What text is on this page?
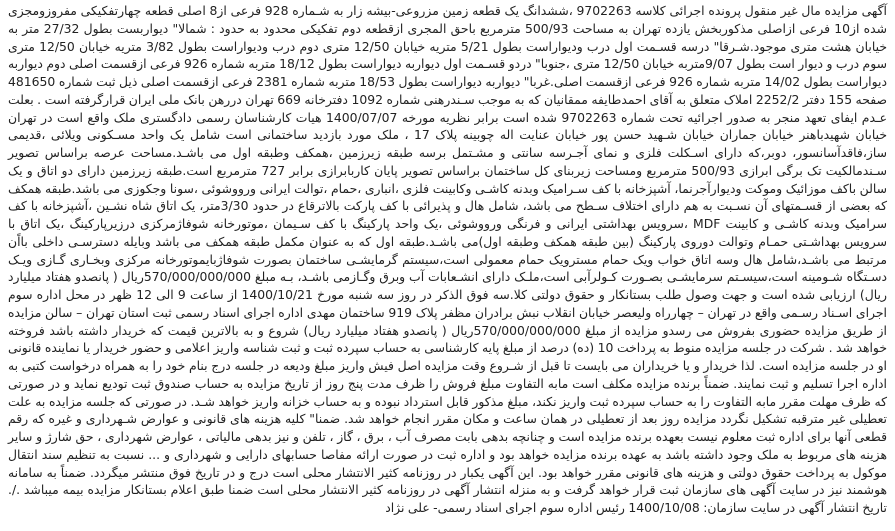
آگهی مزایده مال غیر منقول پرونده اجرائی کلاسه 9702263 ،ششدانگ یک قطعه زمین مزروعی-بیشه زار به شـماره 928 فرعی از8 اصلی قطعه چهارتفکیکی مفروزومجزی شده از10 فرعی ازاصلی مذکوربخش یازده تهران به مساحت 500/93 مترمربع باحق المجری ازقطعه دوم تفکیکی محدود به حدود : شمالا" دیواربست بطول 27/32 متر به خیابان هشت متری موجود.شـرقا" درسه قسـمت اول درب ودیواراست بطول 5/21 متریه خیابان 12/50 متری دوم درب ودیواراست بطول 3/82 متریه خیابان 12/50 متری سوم درب و دیوار است بطول 9/07متربه خیابان 12/50 متری ،جنوبا" دردو قسـمت اول دیواربه دیواراست بطول 18/12 متربه شماره 926 فرعی ازقسمت اصلی دوم دیواربه دیواراست بطول 14/02 متربه شماره 926 فرعی ازقسمت اصلی.غربا" دیواربه دیواراست بطول 18/53 متربه شماره 2381 فرعی ازقسمت اصلی ذیل ثبت شماره 481650 صفحه 155 دفتر 2252/2 املاک متعلق به آقای احمدطایفه ممقانیان که به موجب سـندرهنی شماره 1092 دفترخانه 669 تهران دررهن بانک ملی ایران قرارگرفته است . بعلت عـدم ایفای تعهد منجر به صدور اجرائیه تحت شماره 9702263 شده است برابر نظریه مورخه 1400/07/07 هیات کارشناسان رسمی دادگستری ملک واقع است در تهران خیابان شهیدباهنر خیابان جماران خیابان شـهید حسن پور خیابان عنایت اله چوبینه پلاک 17 ، ملک مورد بازدید ساختمانی است شامل یک واحد مسـکونی ویلائی ،قدیمی ساز،فاقدآسانسور، دوبر،که دارای اسـکلت فلزی و نمای آجـرسه سانتی و مشـتمل برسه طبقه زیرزمین ،همکف وطبقه اول می باشـد.مساحت عرصه براساس تصویر سـندمالکیت تک برگی ابرازی 500/93 مترمربع ومساحت زیربنای کل ساختمان براساس تصویر پایان کاربابرازی برابر 727 مترمربع است.طبقه زیرزمین دارای دو اتاق و یک سالن باکف موزائیک وموکت ودیوارآجرنما، آشپزخانه با کف سـرامیک وبدنه کاشـی وکابینت فلزی ،انباری ،حمام ،توالت ایرانی ورووشوئی ،سونا وجکوزی می باشد.طبقه همکف که بعضی از قسـمتهای آن نسـبت به هم دارای اختلاف سـطح می باشد، شامل هال و پذیرائی با کف پارکت بالاترقاع در حدود 3/30متر، یک اتاق شاه نشـین ،آشپزخانه با کف سرامیک وبدنه کاشـی و کابینت MDF ،سرویس بهداشتی ایرانی و فرنگی ورووشوئی ،یک واحد پارکینگ با کف سـیمان ،موتورخانه شوفاژمرکزی درزیرپارکینگ ،یک اتاق با سرویس بهداشـتی حمـام وتوالت دوروی پارکینگ (بین طبقه همکف وطبقه اول)می باشـد.طبقه اول که به عنوان مکمل طبقه همکف می باشد وبایله دسترسـی داخلی بااًن مرتبط می باشـد،شامل هال وسه اتاق خواب ویک حمام مسترویک حمام معمولی است،سیستم گرمایشـی ساختمان بصورت شوفاژبایموتورخانه مرکزی وبخـاری گـازی ویـک دسـتگاه شـومینه است،سیسـتم سرمایشـی بصـورت کـولرآبی است،ملـک دارای انشـعابات آب وبرق وگـازمی باشـد، بـه مبلغ 570/000/000/000ریال ( پانصدو هفتاد میلیارد ریال) ارزیابی شده است و جهت وصول طلب بستانکار و حقوق دولتی کلا.سه فوق الذکر در روز سه شنبه مورخ 1400/10/21 از ساعت 9 الی 12 ظهر در محل اداره سوم اجرای اسـناد رسـمی واقع در تهران – چهارراه ولیعصر خیابان انقلاب نبش برادران مظفر پلاک 919 ساختمان مهدی اداره اجرای اسناد رسمی ثبت استان تهران – سالن مزایده از طریق مزایده حضوری بفروش می رسدو مزایده از مبلغ 570/000/000/000ریال ( پانصدو هفتاد میلیارد ریال) شروع و به بالاترین قیمت که خریدار داشته باشد فروخته خواهد شد . شرکت در جلسه مزایده منوط به پرداخت 10 (ده) درصد از مبلغ پایه کارشناسی به حساب سپرده ثبت و ثبت شناسه واریز اعلامی و حضور خریدار یا نماینده قانونی او در جلسه مزایده است. لذا خریدار و یا خریداران می بایست تا قبل از شـروع وقت مزایده اصل فیش واریز مبلغ ودیعه در جلسه درج بنام خود را به همراه درخواست کتبی به اداره اجرا تسلیم و ثبت نمایند. ضمناً برنده مزایده مکلف است مابه التفاوت مبلغ فروش را ظرف مدت پنج روز از تاریخ مزایده به حساب صندوق ثبت تودیع نماید و در صورتی که ظرف مهلت مقرر مابه التفاوت را به حساب سپرده ثبت واریز نکند، مبلغ مذکور قابل استرداد نبوده و به حساب خزانه واریز خواهد شـد. در صورتی که جلسه مزایده به علت تعطیلی غیر مترقبه تشکیل نگردد مزایده روز بعد از تعطیلی در همان ساعت و مکان مقرر انجام خواهد شد. ضمنا" کلیه هزینه های قانونی و عوارض شـهرداری و غیره که رقم قطعی آنها برای اداره ثبت معلوم نیست بعهده برنده مزایده است و چنانچه بدهی بابت مصرف آب ، برق ، گاز ، تلفن و نیز بدهی مالیاتی ، عوارض شهرداری ، حق شارژ و سایر هزینه های مربوط به ملک وجود داشته باشد به عهده برنده مزایده خواهد بود و اداره ثبت در صورت ارائه مفاصا حسابهای دارایی و شهرداری و ... نسبت به تنظیم سند انتقال موکول به پرداخت حقوق دولتی و هزینه های قانونی مقرر خواهد بود. این آگهی یکبار در روزنامه کثیر الانتشار محلی است درج و در تاریخ فوق منتشر میگردد. ضمناً به سامانه هوشمند نیز در سایت آگهی های سازمان ثبت قرار خواهد گرفت و به منزله انتشار آگهی در روزنامه کثیر الانتشار محلی است ضمنا طبق اعلام بستانکار مزایده بیمه میباشد ./. تاریخ انتشار آگهی در سایت سازمان: 1400/10/08 رئیس اداره سوم اجرای اسناد رسمی- علی نژاد
